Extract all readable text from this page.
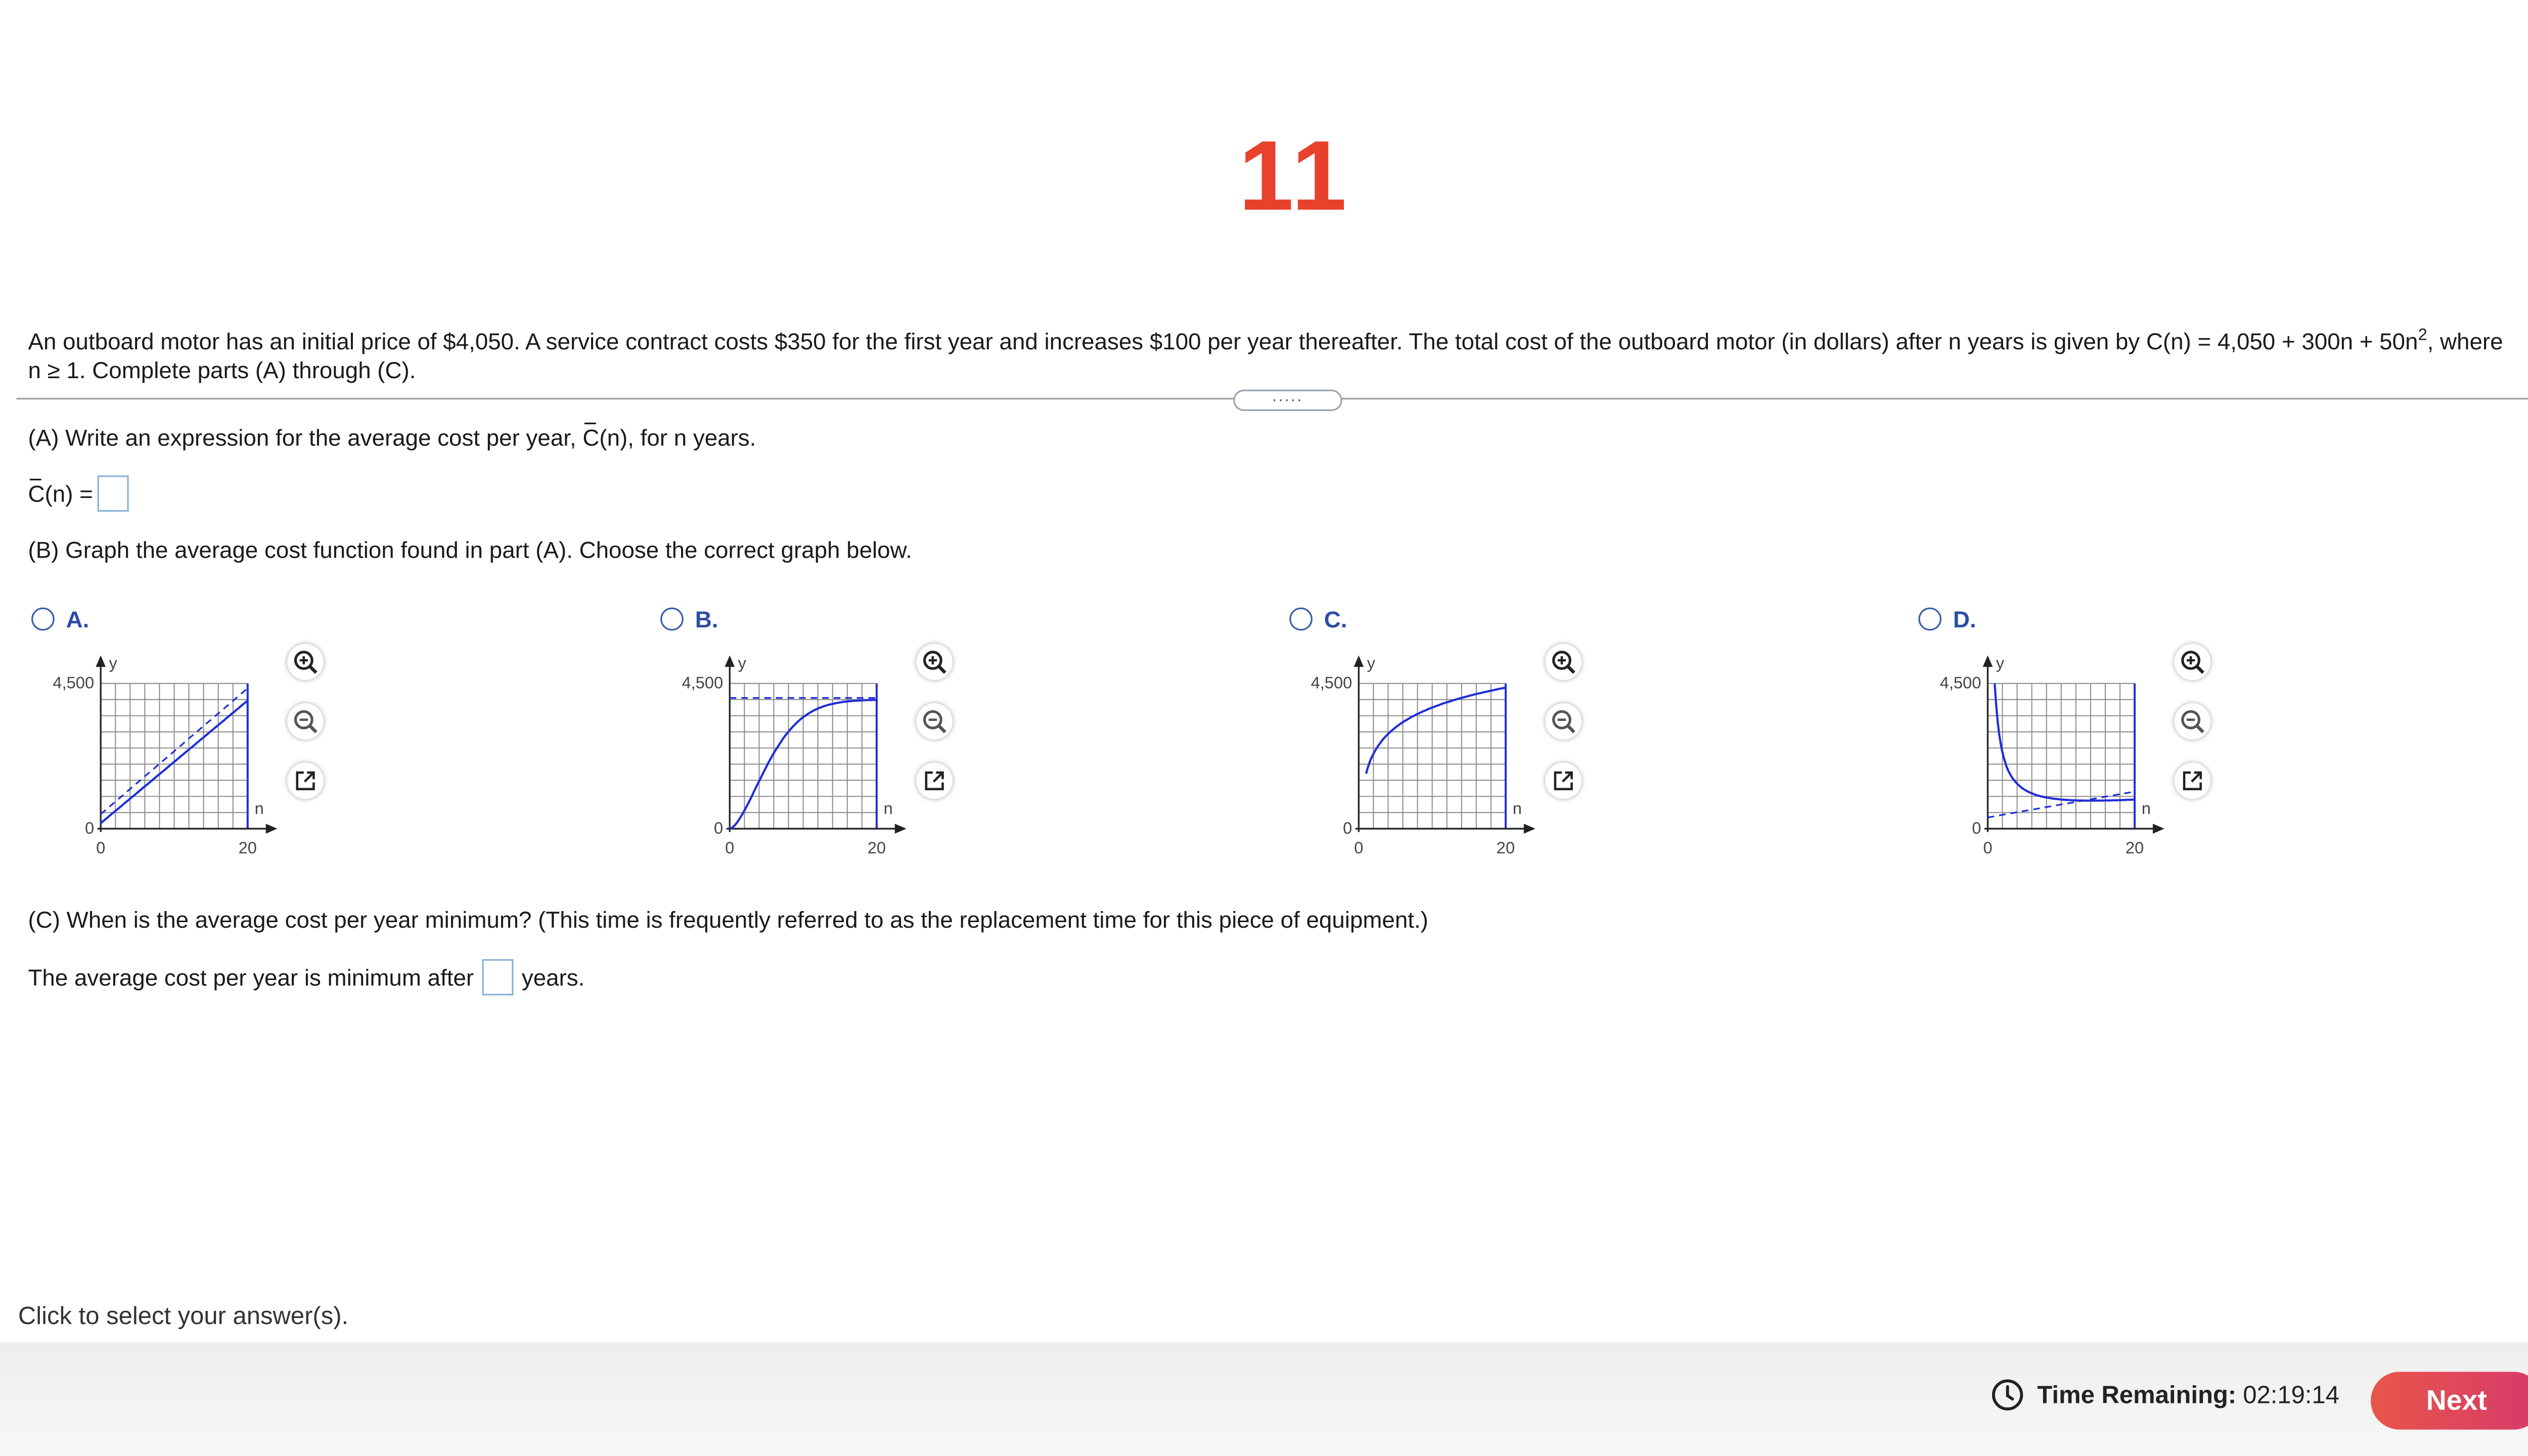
11
An outboard motor has an initial price of $4,050. A service contract costs $350 for the first year and increases $100 per year thereafter. The total cost of the outboard motor (in dollars) after n years is given by $C(n) = 4,050 + 300n + 50n^2$, where
n ≥ 1. Complete parts (A) through (C).
.....
(A) Write an expression for the average cost per year, C(n), for n years.
C (n) =
(B) Graph the average cost function found in part (A). Choose the correct graph below.
A.
y
4,500
0
n
0	20
B.
y
4,500
0
n
0	20
C.
y
4,500
0
n
0	20
D.
y
4,500
0
n
0	20
(C) When is the average cost per year minimum? (This time is frequently referred to as the replacement time for this piece of equipment.)
The average cost per year is minimum after	years.
Click to select your answer(s).
Time Remaining: 02:19:14	Next
